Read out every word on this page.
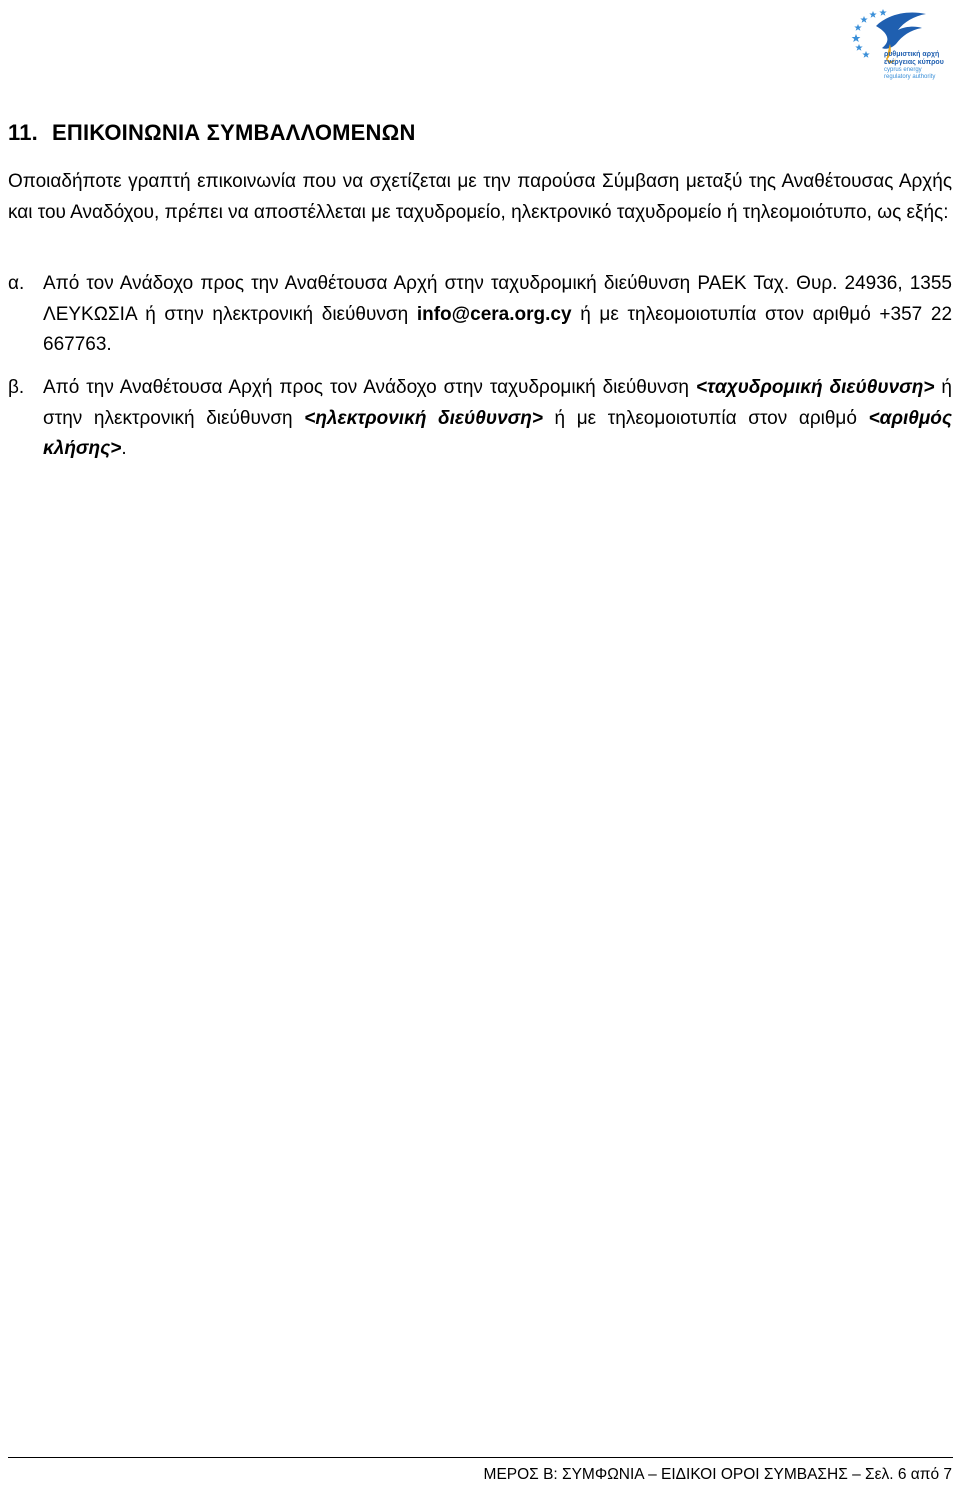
ρυθμιστική αρχή
ενέργειας κύπρου
cyprus energy
regulatory authority
11. ΕΠΙΚΟΙΝΩΝΙΑ ΣΥΜΒΑΛΛΟΜΕΝΩΝ
Οποιαδήποτε γραπτή επικοινωνία που να σχετίζεται με την παρούσα Σύμβαση μεταξύ της Αναθέτουσας Αρχής και του Αναδόχου, πρέπει να αποστέλλεται με ταχυδρομείο, ηλεκτρονικό ταχυδρομείο ή τηλεομοιότυπο, ως εξής:
α. Από τον Ανάδοχο προς την Αναθέτουσα Αρχή στην ταχυδρομική διεύθυνση ΡΑΕΚ Ταχ. Θυρ. 24936, 1355 ΛΕΥΚΩΣΙΑ ή στην ηλεκτρονική διεύθυνση info@cera.org.cy ή με τηλεομοιοτυπία στον αριθμό +357 22 667763.
β. Από την Αναθέτουσα Αρχή προς τον Ανάδοχο στην ταχυδρομική διεύθυνση <ταχυδρομική διεύθυνση> ή στην ηλεκτρονική διεύθυνση <ηλεκτρονική διεύθυνση> ή με τηλεομοιοτυπία στον αριθμό <αριθμός κλήσης>.
ΜΕΡΟΣ Β: ΣΥΜΦΩΝΙΑ – ΕΙΔΙΚΟΙ ΟΡΟΙ ΣΥΜΒΑΣΗΣ – Σελ. 6 από 7
